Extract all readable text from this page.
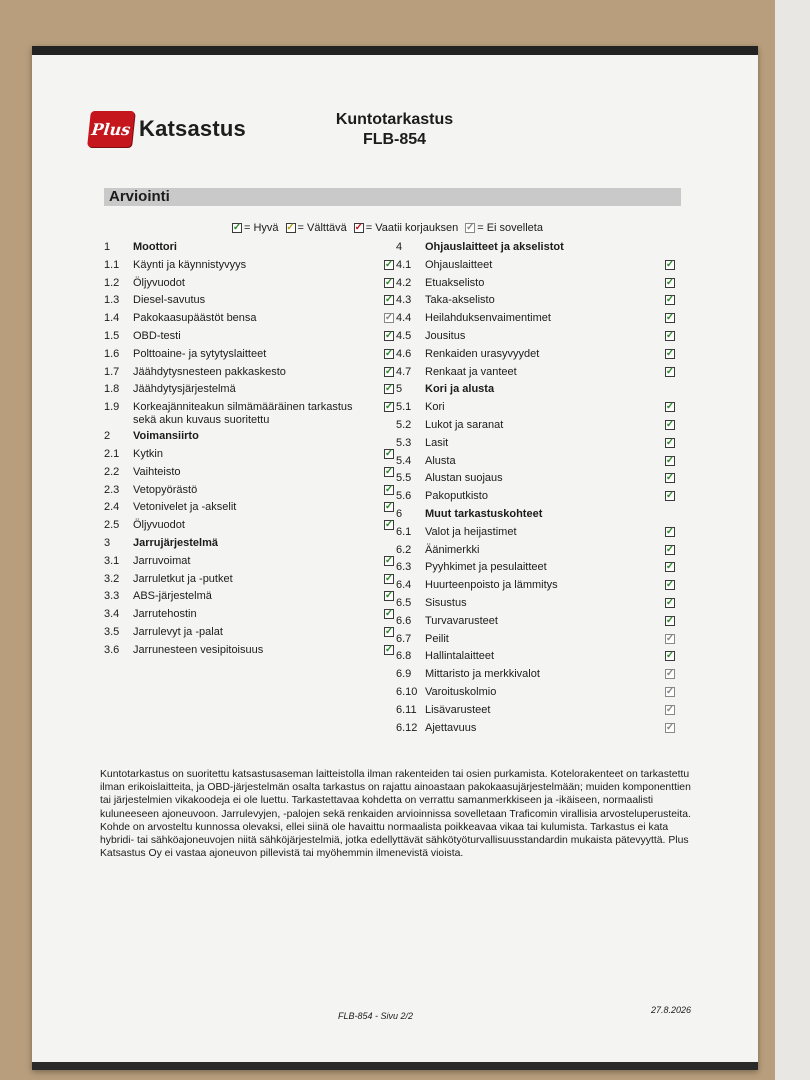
Plus Katsastus	Kuntotarkastus
FLB-854
Arviointi
✓ = Hyvä ✓ = Välttävä ✓ = Vaatii korjauksen ✓ = Ei sovelleta
1	Moottori
1.1	Käynti ja käynnistyvyys	✓
1.2	Öljyvuodot	✓
1.3	Diesel-savutus	✓
1.4	Pakokaasupäästöt bensa	✓
1.5	OBD-testi	✓
1.6	Polttoaine- ja sytytyslaitteet	✓
1.7	Jäähdytysnesteen pakkaskesto	✓
1.8	Jäähdytysjärjestelmä	✓
1.9	Korkeajänniteakun silmämääräinen tarkastus sekä akun kuvaus suoritettu
✓
2	Voimansiirto
2.1	Kytkin	✓
2.2	Vaihteisto	✓
2.3	Vetopyörästö	✓
2.4	Vetonivelet ja -akselit	✓
2.5	Öljyvuodot	✓
3	Jarrujärjestelmä
3.1	Jarruvoimat	✓
3.2	Jarruletkut ja -putket	✓
3.3	ABS-järjestelmä	✓
3.4	Jarrutehostin	✓
3.5	Jarrulevyt ja -palat	✓
3.6	Jarrunesteen vesipitoisuus	✓
4	Ohjauslaitteet ja akselistot
4.1	Ohjauslaitteet	✓
4.2	Etuakselisto	✓
4.3	Taka-akselisto	✓
4.4	Heilahduksenvaimentimet	✓
4.5	Jousitus	✓
4.6	Renkaiden urasyvyydet	✓
4.7	Renkaat ja vanteet	✓
5	Kori ja alusta
5.1	Kori	✓
5.2	Lukot ja saranat	✓
5.3	Lasit	✓
5.4	Alusta	✓
5.5	Alustan suojaus	✓
5.6	Pakoputkisto	✓
6	Muut tarkastuskohteet
6.1	Valot ja heijastimet	✓
6.2	Äänimerkki	✓
6.3	Pyyhkimet ja pesulaitteet	✓
6.4	Huurteenpoisto ja lämmitys	✓
6.5	Sisustus	✓
6.6	Turvavarusteet	✓
6.7	Peilit	✓
6.8	Hallintalaitteet	✓
6.9	Mittaristo ja merkkivalot	✓
6.10 Varoituskolmio	✓
6.11 Lisävarusteet	✓
6.12 Ajettavuus	✓
Kuntotarkastus on suoritettu katsastusaseman laitteistolla ilman rakenteiden tai osien purkamista. Kotelorakenteet on tarkastettu ilman erikoislaitteita, ja OBD-järjestelmän osalta tarkastus on rajattu ainoastaan pakokaasujärjestelmään; muiden komponenttien tai järjestelmien vikakoodeja ei ole luettu. Tarkastettavaa kohdetta on verrattu samanmerkkiseen ja -ikäiseen, normaalisti kuluneeseen ajoneuvoon. Jarrulevyjen, -palojen sekä renkaiden arvioinnissa sovelletaan Traficomin virallisia arvosteluperusteita. Kohde on arvosteltu kunnossa olevaksi, ellei siinä ole havaittu normaalista poikkeavaa vikaa tai kulumista. Tarkastus ei kata hybridi- tai sähköajoneuvojen niitä sähköjärjestelmiä, jotka edellyttävät sähkötyöturvallisuusstandardin mukaista pätevyyttä. Plus Katsastus Oy ei vastaa ajoneuvon pillevistä tai myöhemmin ilmenevistä vioista.
FLB-854 - Sivu 2/2
27.8.2026
